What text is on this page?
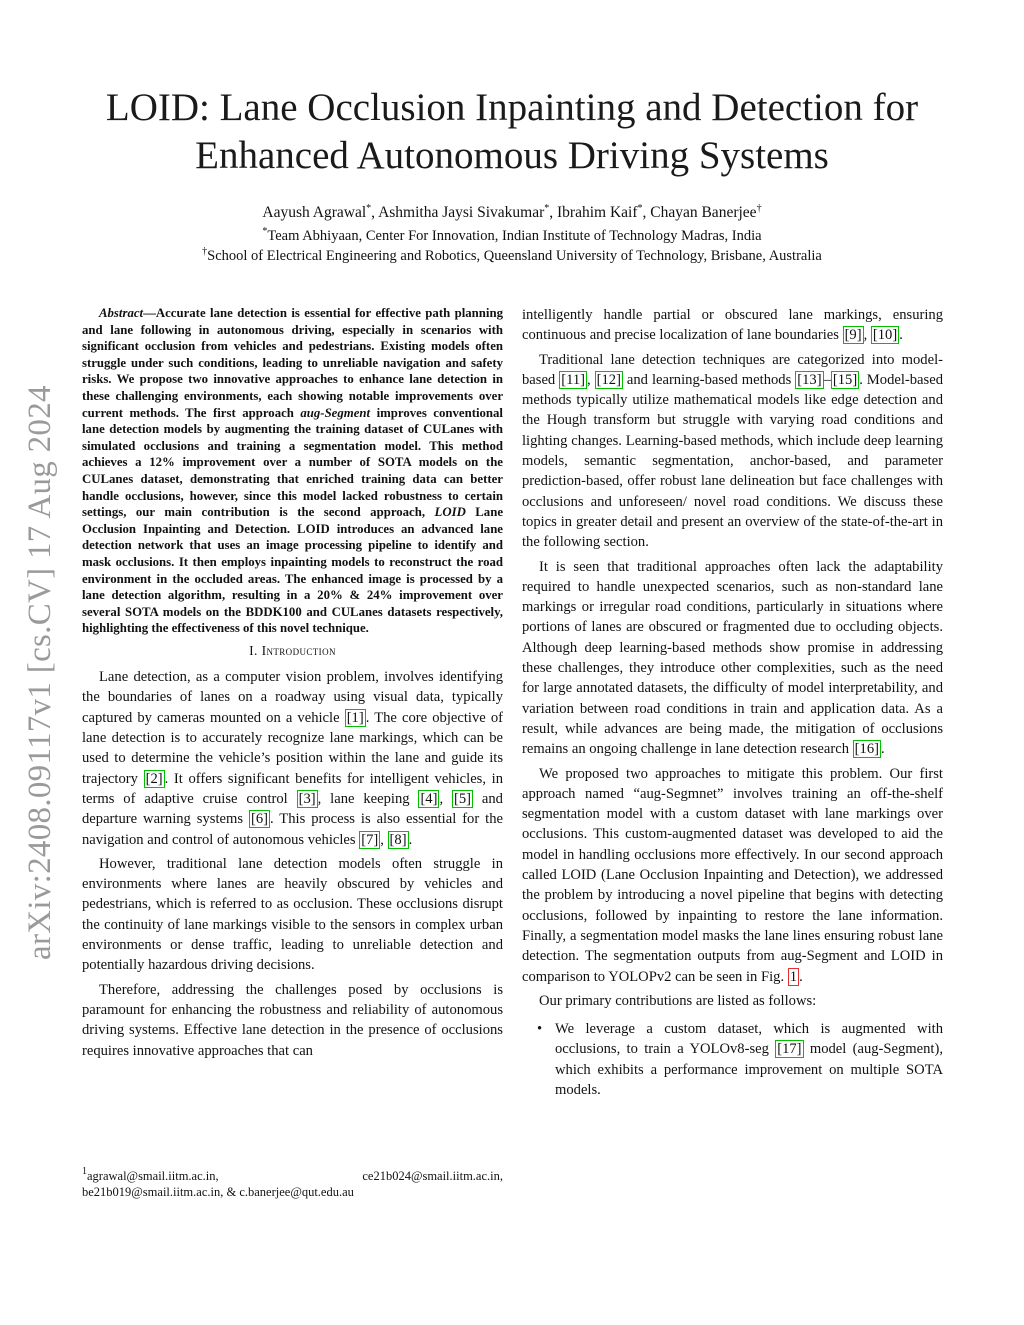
arXiv:2408.09117v1 [cs.CV] 17 Aug 2024
LOID: Lane Occlusion Inpainting and Detection for
Enhanced Autonomous Driving Systems
Aayush Agrawal*, Ashmitha Jaysi Sivakumar*, Ibrahim Kaif*, Chayan Banerjee†
*Team Abhiyaan, Center For Innovation, Indian Institute of Technology Madras, India
†School of Electrical Engineering and Robotics, Queensland University of Technology, Brisbane, Australia

Abstract—Accurate lane detection is essential for effective path planning and lane following in autonomous driving, especially in scenarios with significant occlusion from vehicles and pedestrians. Existing models often struggle under such conditions, leading to unreliable navigation and safety risks. We propose two innovative approaches to enhance lane detection in these challenging environments, each showing notable improvements over current methods. The first approach aug-Segment improves conventional lane detection models by augmenting the training dataset of CULanes with simulated occlusions and training a segmentation model. This method achieves a 12% improvement over a number of SOTA models on the CULanes dataset, demonstrating that enriched training data can better handle occlusions, however, since this model lacked robustness to certain settings, our main contribution is the second approach, LOID Lane Occlusion Inpainting and Detection. LOID introduces an advanced lane detection network that uses an image processing pipeline to identify and mask occlusions. It then employs inpainting models to reconstruct the road environment in the occluded areas. The enhanced image is processed by a lane detection algorithm, resulting in a 20% & 24% improvement over several SOTA models on the BDDK100 and CULanes datasets respectively, highlighting the effectiveness of this novel technique.

I. Introduction

Lane detection, as a computer vision problem, involves identifying the boundaries of lanes on a roadway using visual data, typically captured by cameras mounted on a vehicle [1] . The core objective of lane detection is to accurately recognize lane markings, which can be used to determine the vehicle’s position within the lane and guide its trajectory [2] . It offers significant benefits for intelligent vehicles, in terms of adaptive cruise control [3] , lane keeping [4] , [5] and departure warning systems [6] . This process is also essential for the navigation and control of autonomous vehicles [7] , [8] .

However, traditional lane detection models often struggle in environments where lanes are heavily obscured by vehicles and pedestrians, which is referred to as occlusion. These occlusions disrupt the continuity of lane markings visible to the sensors in complex urban environments or dense traffic, leading to unreliable detection and potentially hazardous driving decisions.

Therefore, addressing the challenges posed by occlusions is paramount for enhancing the robustness and reliability of autonomous driving systems. Effective lane detection in the presence of occlusions requires innovative approaches that can

$^1$agrawal@smail.iitm.ac.in,	ce21b024@smail.iitm.ac.in,
be21b019@smail.iitm.ac.in, & c.banerjee@qut.edu.au

intelligently handle partial or obscured lane markings, ensuring continuous and precise localization of lane boundaries [9] , [10] .

Traditional lane detection techniques are categorized into model-based [11] , [12] and learning-based methods [13] – [15] . Model-based methods typically utilize mathematical models like edge detection and the Hough transform but struggle with varying road conditions and lighting changes. Learning-based methods, which include deep learning models, semantic segmentation, anchor-based, and parameter prediction-based, offer robust lane delineation but face challenges with occlusions and unforeseen/ novel road conditions. We discuss these topics in greater detail and present an overview of the state-of-the-art in the following section.

It is seen that traditional approaches often lack the adaptability required to handle unexpected scenarios, such as non-standard lane markings or irregular road conditions, particularly in situations where portions of lanes are obscured or fragmented due to occluding objects. Although deep learning-based methods show promise in addressing these challenges, they introduce other complexities, such as the need for large annotated datasets, the difficulty of model interpretability, and variation between road conditions in train and application data. As a result, while advances are being made, the mitigation of occlusions remains an ongoing challenge in lane detection research [16] .

We proposed two approaches to mitigate this problem. Our first approach named “aug-Segmnet” involves training an off-the-shelf segmentation model with a custom dataset with lane markings over occlusions. This custom-augmented dataset was developed to aid the model in handling occlusions more effectively. In our second approach called LOID (Lane Occlusion Inpainting and Detection), we addressed the problem by introducing a novel pipeline that begins with detecting occlusions, followed by inpainting to restore the lane information. Finally, a segmentation model masks the lane lines ensuring robust lane detection. The segmentation outputs from aug-Segment and LOID in comparison to YOLOPv2 can be seen in Fig. 1 .

Our primary contributions are listed as follows:

• We leverage a custom dataset, which is augmented with occlusions, to train a YOLOv8-seg [17] model (aug-Segment), which exhibits a performance improvement on multiple SOTA models.
